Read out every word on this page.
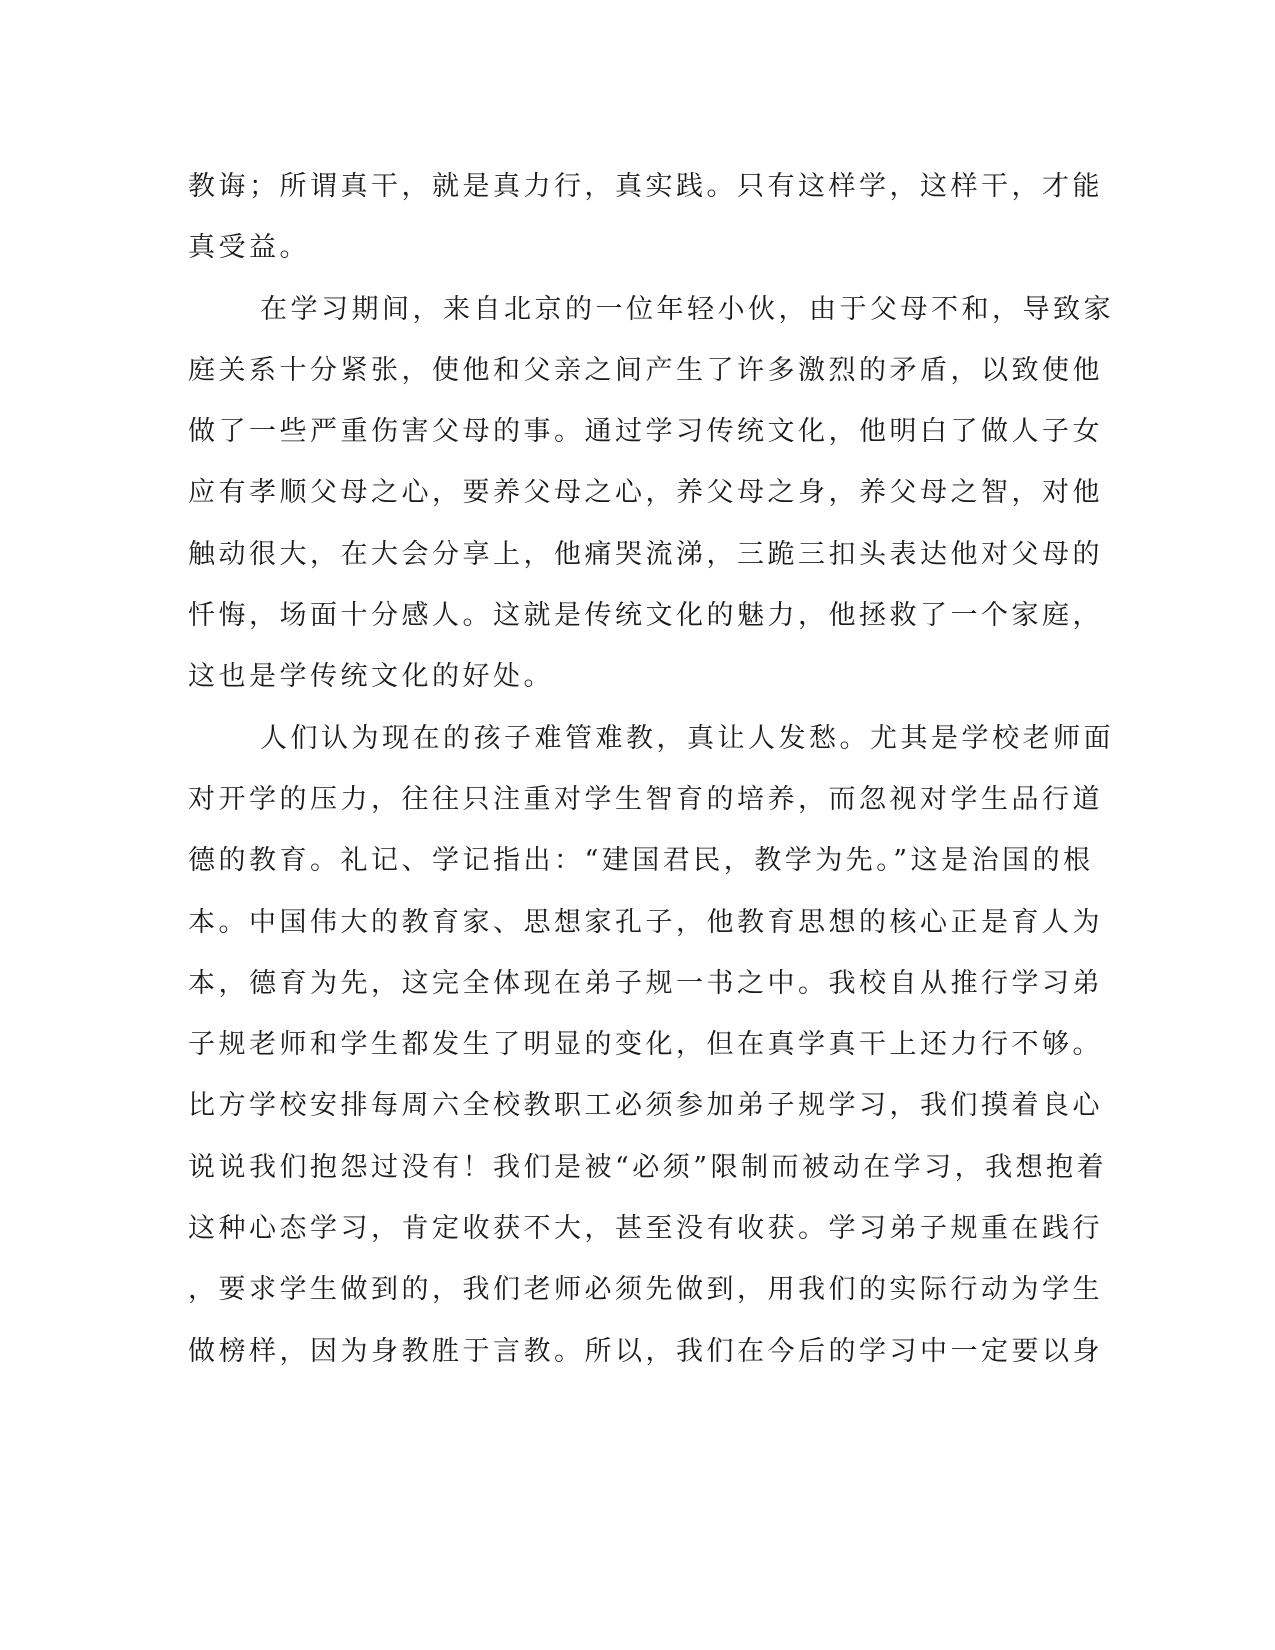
教诲；所谓真干，就是真力行，真实践。只有这样学，这样干，才能
真受益。
在学习期间，来自北京的一位年轻小伙，由于父母不和，导致家
庭关系十分紧张，使他和父亲之间产生了许多激烈的矛盾，以致使他
做了一些严重伤害父母的事。通过学习传统文化，他明白了做人子女
应有孝顺父母之心，要养父母之心，养父母之身，养父母之智，对他
触动很大，在大会分享上，他痛哭流涕，三跪三扣头表达他对父母的
忏悔，场面十分感人。这就是传统文化的魅力，他拯救了一个家庭，
这也是学传统文化的好处。
人们认为现在的孩子难管难教，真让人发愁。尤其是学校老师面
对开学的压力，往往只注重对学生智育的培养，而忽视对学生品行道
德的教育。礼记、学记指出：“建国君民，教学为先。”这是治国的根
本。中国伟大的教育家、思想家孔子，他教育思想的核心正是育人为
本，德育为先，这完全体现在弟子规一书之中。我校自从推行学习弟
子规老师和学生都发生了明显的变化，但在真学真干上还力行不够。
比方学校安排每周六全校教职工必须参加弟子规学习，我们摸着良心
说说我们抱怨过没有！我们是被“必须”限制而被动在学习，我想抱着
这种心态学习，肯定收获不大，甚至没有收获。学习弟子规重在践行
，要求学生做到的，我们老师必须先做到，用我们的实际行动为学生
做榜样，因为身教胜于言教。所以，我们在今后的学习中一定要以身
